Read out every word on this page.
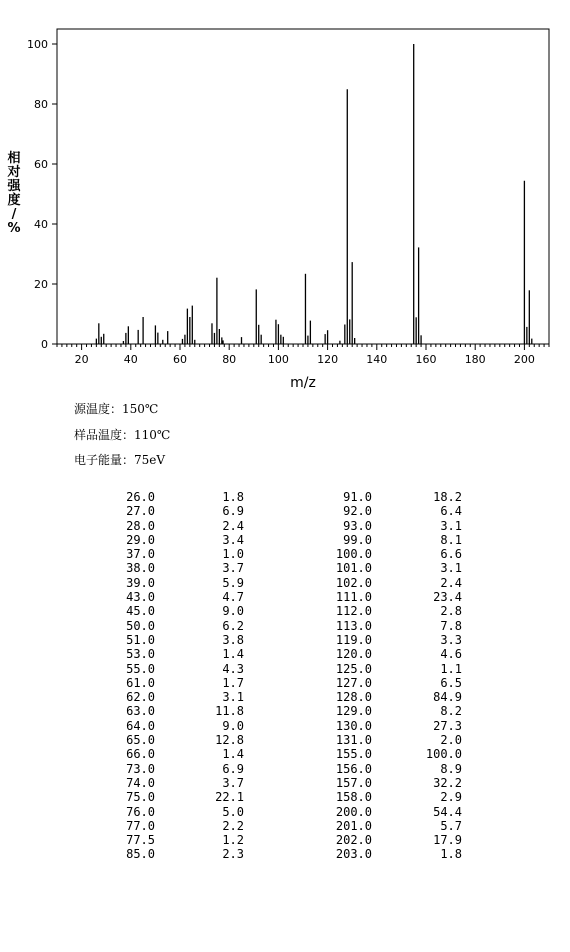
20	40	60	80	100	120	140	160	180	200
0
20
40
60
80
100
m/z
相对强度/ %
源温度：150℃
样品温度：110℃
电子能量：75eV
26.0	1.8	91.0	18.2
27.0	6.9	92.0	6.4
28.0	2.4	93.0	3.1
29.0	3.4	99.0	8.1
37.0	1.0	100.0	6.6
38.0	3.7	101.0	3.1
39.0	5.9	102.0	2.4
43.0	4.7	111.0	23.4
45.0	9.0	112.0	2.8
50.0	6.2	113.0	7.8
51.0	3.8	119.0	3.3
53.0	1.4	120.0	4.6
55.0	4.3	125.0	1.1
61.0	1.7	127.0	6.5
62.0	3.1	128.0	84.9
63.0	11.8	129.0	8.2
64.0	9.0	130.0	27.3
65.0	12.8	131.0	2.0
66.0	1.4	155.0	100.0
73.0	6.9	156.0	8.9
74.0	3.7	157.0	32.2
75.0	22.1	158.0	2.9
76.0	5.0	200.0	54.4
77.0	2.2	201.0	5.7
77.5	1.2	202.0	17.9
85.0	2.3	203.0	1.8
